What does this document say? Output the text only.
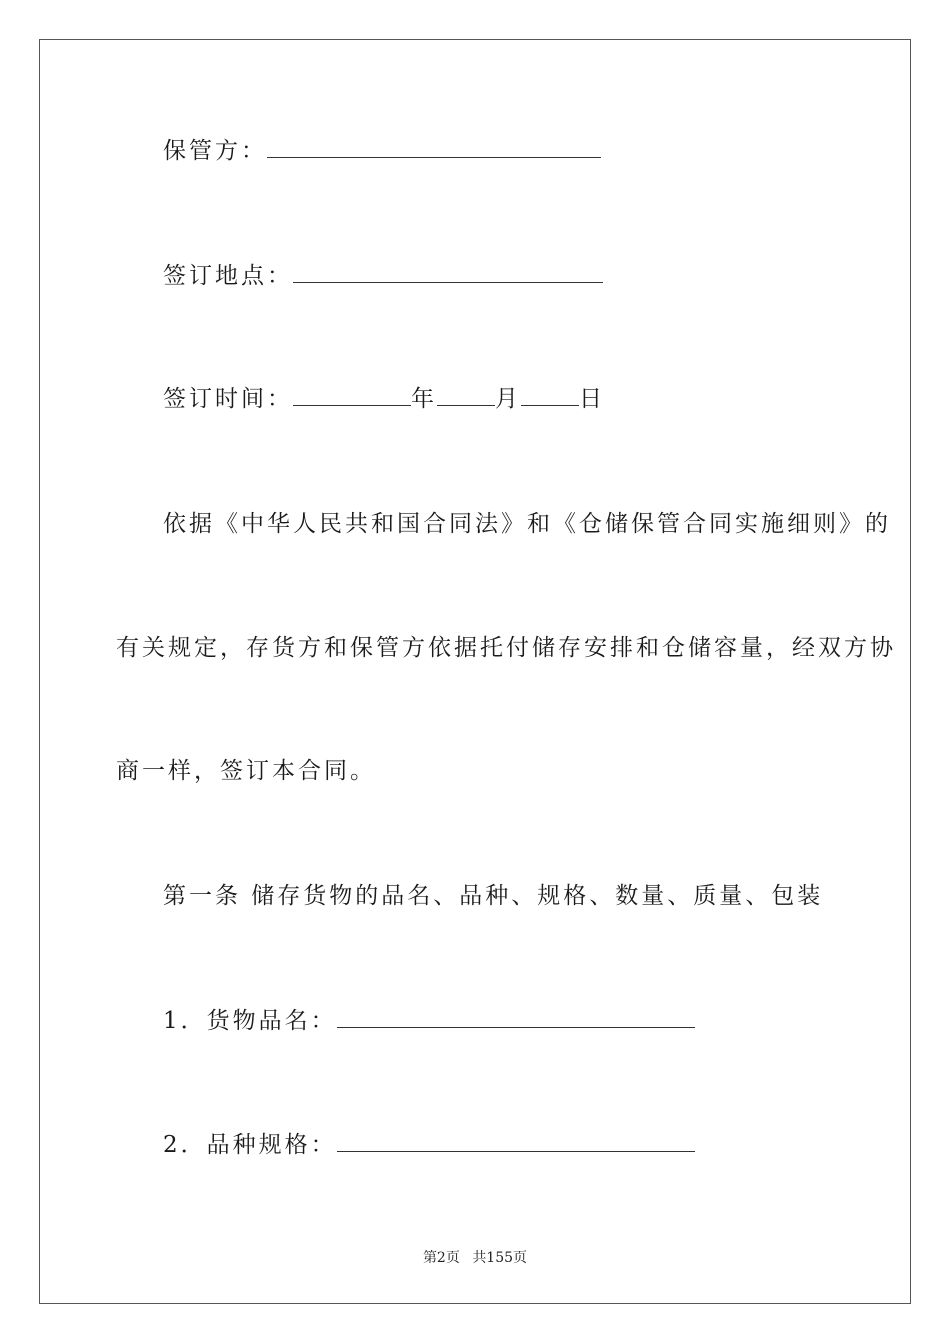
保管方：
签订地点：
签订时间：	年	月	日
依据《中华人民共和国合同法》和《仓储保管合同实施细则》的
有关规定，存货方和保管方依据托付储存安排和仓储容量，经双方协
商一样，签订本合同。
第一条 储存货物的品名、品种、规格、数量、质量、包装
1．货物品名：
2．品种规格：
第2页 共155页
